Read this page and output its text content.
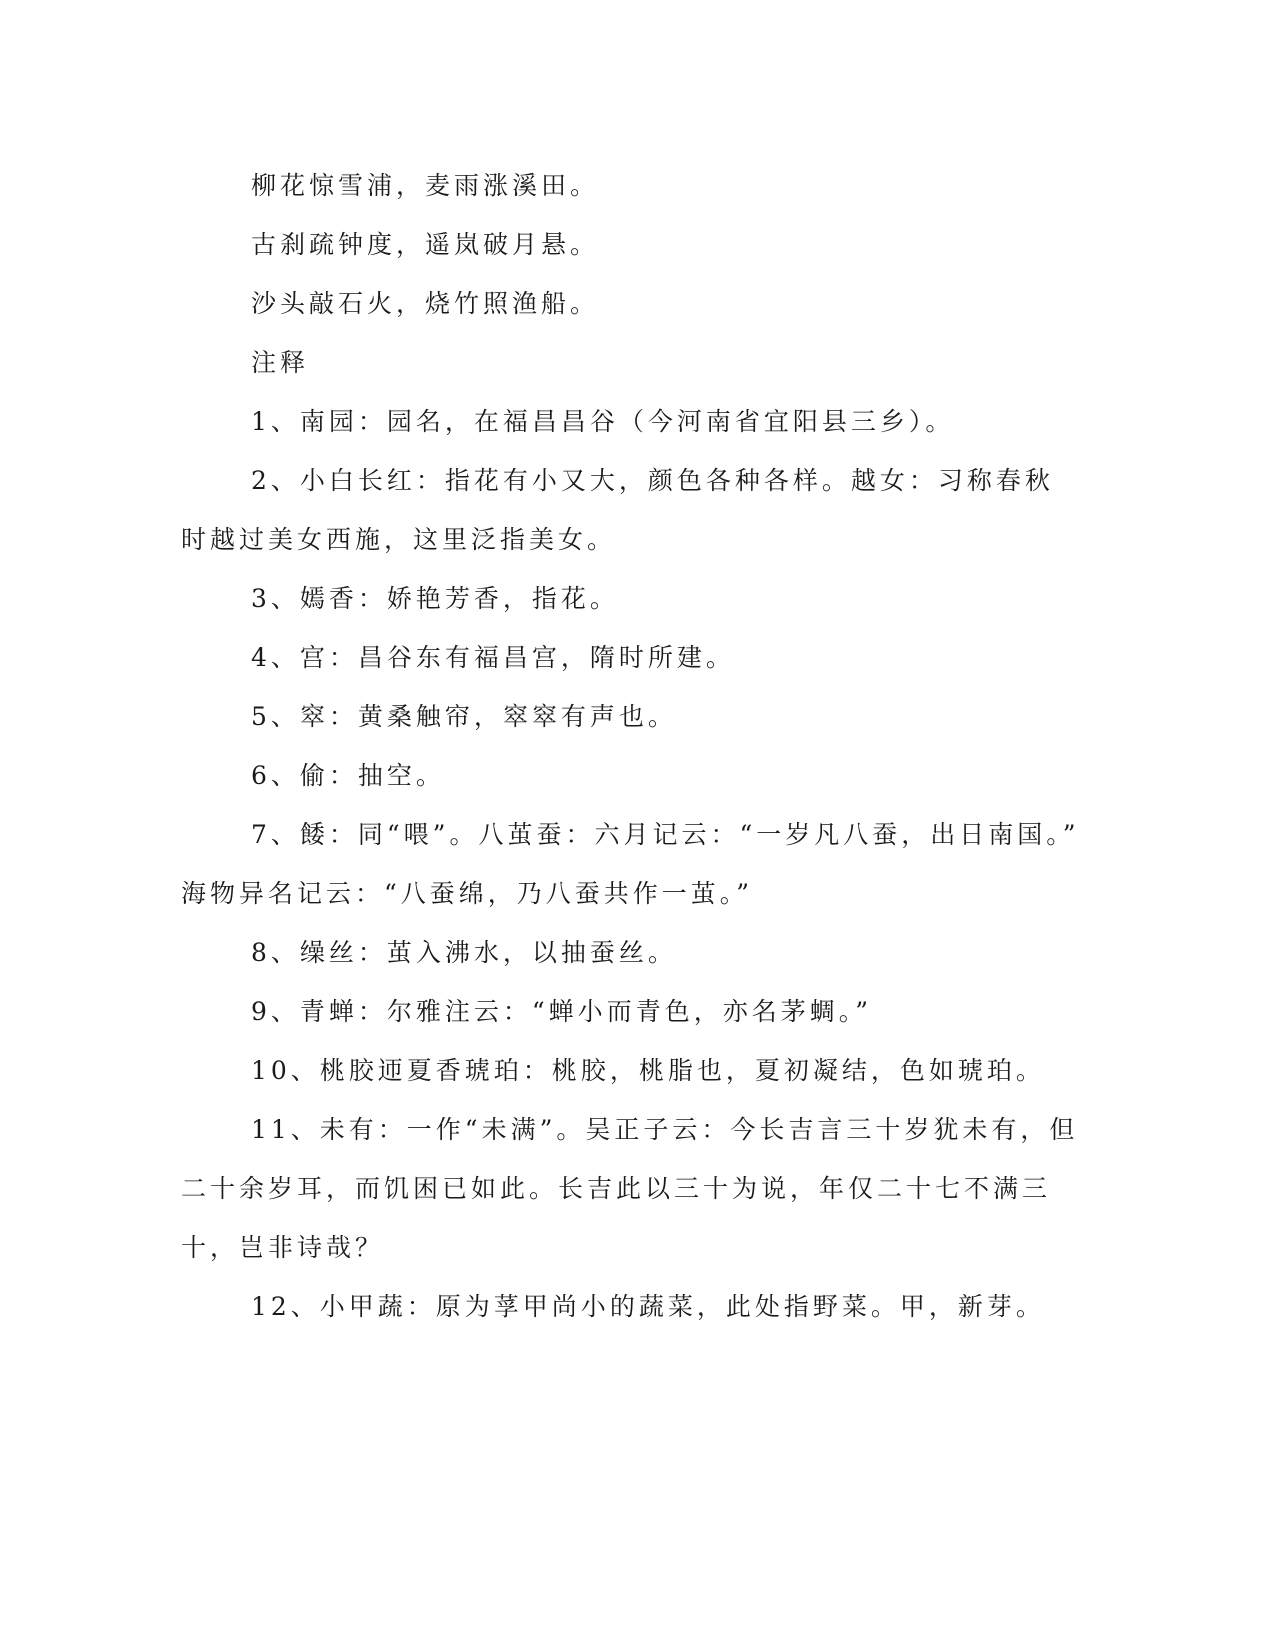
柳花惊雪浦，麦雨涨溪田。

古刹疏钟度，遥岚破月悬。

沙头敲石火，烧竹照渔船。

注释

1、南园：园名，在福昌昌谷（今河南省宜阳县三乡）。

2、小白长红：指花有小又大，颜色各种各样。越女：习称春秋

时越过美女西施，这里泛指美女。

3、嫣香：娇艳芳香，指花。

4、宫：昌谷东有福昌宫，隋时所建。

5、窣：黄桑触帘，窣窣有声也。

6、偷：抽空。

7、餧：同“喂”。八茧蚕：六月记云：“一岁凡八蚕，出日南国。”

海物异名记云：“八蚕绵，乃八蚕共作一茧。”

8、缲丝：茧入沸水，以抽蚕丝。

9、青蝉：尔雅注云：“蝉小而青色，亦名茅蜩。”

10、桃胶迊夏香琥珀：桃胶，桃脂也，夏初凝结，色如琥珀。

11、未有：一作“未满”。吴正子云：今长吉言三十岁犹未有，但

二十余岁耳，而饥困已如此。长吉此以三十为说，年仅二十七不满三

十，岂非诗哉？

12、小甲蔬：原为莩甲尚小的蔬菜，此处指野菜。甲，新芽。
